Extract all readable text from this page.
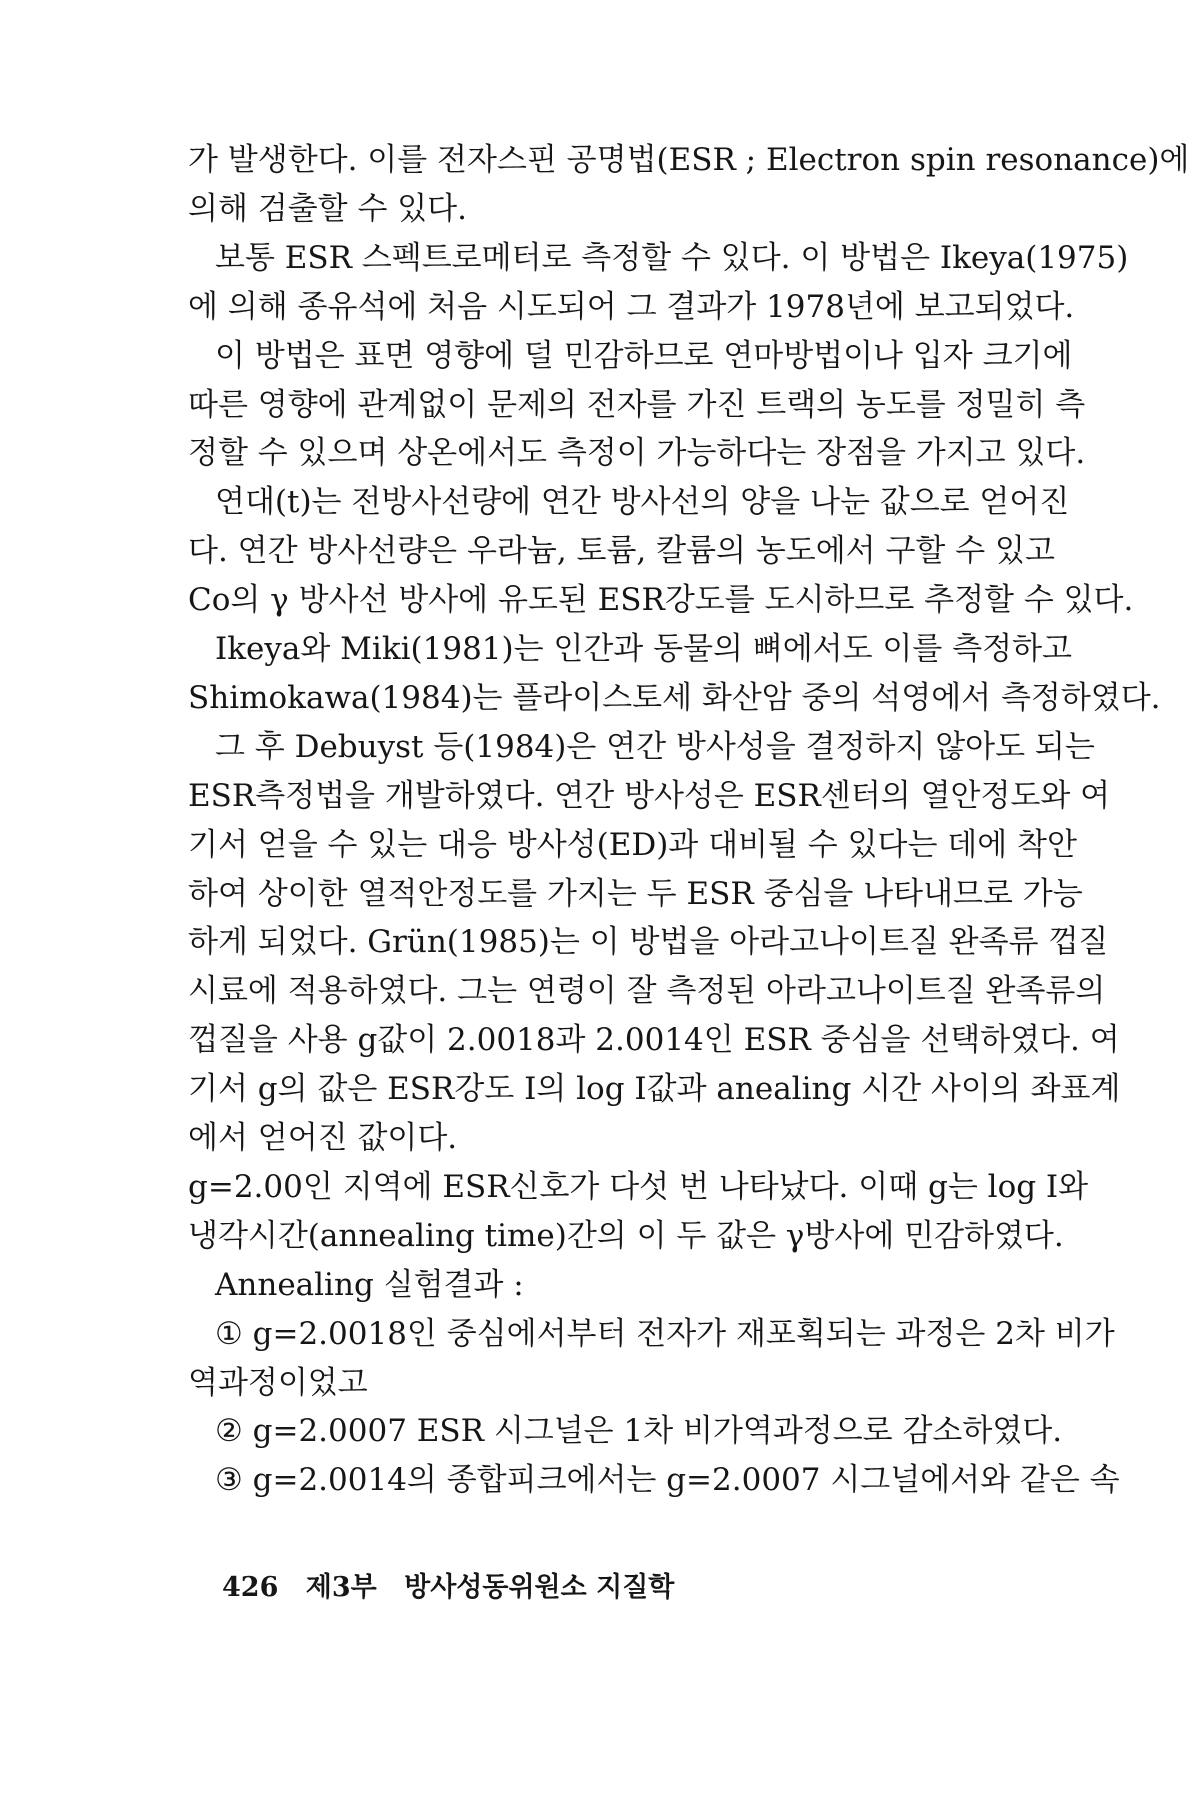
가 발생한다. 이를 전자스핀 공명법(ESR ; Electron spin resonance)에
의해 검출할 수 있다.
보통 ESR 스펙트로메터로 측정할 수 있다. 이 방법은 Ikeya(1975)
에 의해 종유석에 처음 시도되어 그 결과가 1978년에 보고되었다.
이 방법은 표면 영향에 덜 민감하므로 연마방법이나 입자 크기에
따른 영향에 관계없이 문제의 전자를 가진 트랙의 농도를 정밀히 측
정할 수 있으며 상온에서도 측정이 가능하다는 장점을 가지고 있다.
연대(t)는 전방사선량에 연간 방사선의 양을 나눈 값으로 얻어진
다. 연간 방사선량은 우라늄, 토륨, 칼륨의 농도에서 구할 수 있고
Co의 γ 방사선 방사에 유도된 ESR강도를 도시하므로 추정할 수 있다.
Ikeya와 Miki(1981)는 인간과 동물의 뼈에서도 이를 측정하고
Shimokawa(1984)는 플라이스토세 화산암 중의 석영에서 측정하였다.
그 후 Debuyst 등(1984)은 연간 방사성을 결정하지 않아도 되는
ESR측정법을 개발하였다. 연간 방사성은 ESR센터의 열안정도와 여
기서 얻을 수 있는 대응 방사성(ED)과 대비될 수 있다는 데에 착안
하여 상이한 열적안정도를 가지는 두 ESR 중심을 나타내므로 가능
하게 되었다. Grün(1985)는 이 방법을 아라고나이트질 완족류 껍질
시료에 적용하였다. 그는 연령이 잘 측정된 아라고나이트질 완족류의
껍질을 사용 g값이 2.0018과 2.0014인 ESR 중심을 선택하였다. 여
기서 g의 값은 ESR강도 I의 log I값과 anealing 시간 사이의 좌표계
에서 얻어진 값이다.
g=2.00인 지역에 ESR신호가 다섯 번 나타났다. 이때 g는 log I와
냉각시간(annealing time)간의 이 두 값은 γ방사에 민감하였다.
Annealing 실험결과 :
① g=2.0018인 중심에서부터 전자가 재포획되는 과정은 2차 비가
역과정이었고
② g=2.0007 ESR 시그널은 1차 비가역과정으로 감소하였다.
③ g=2.0014의 종합피크에서는 g=2.0007 시그널에서와 같은 속
426 제3부 방사성동위원소 지질학
